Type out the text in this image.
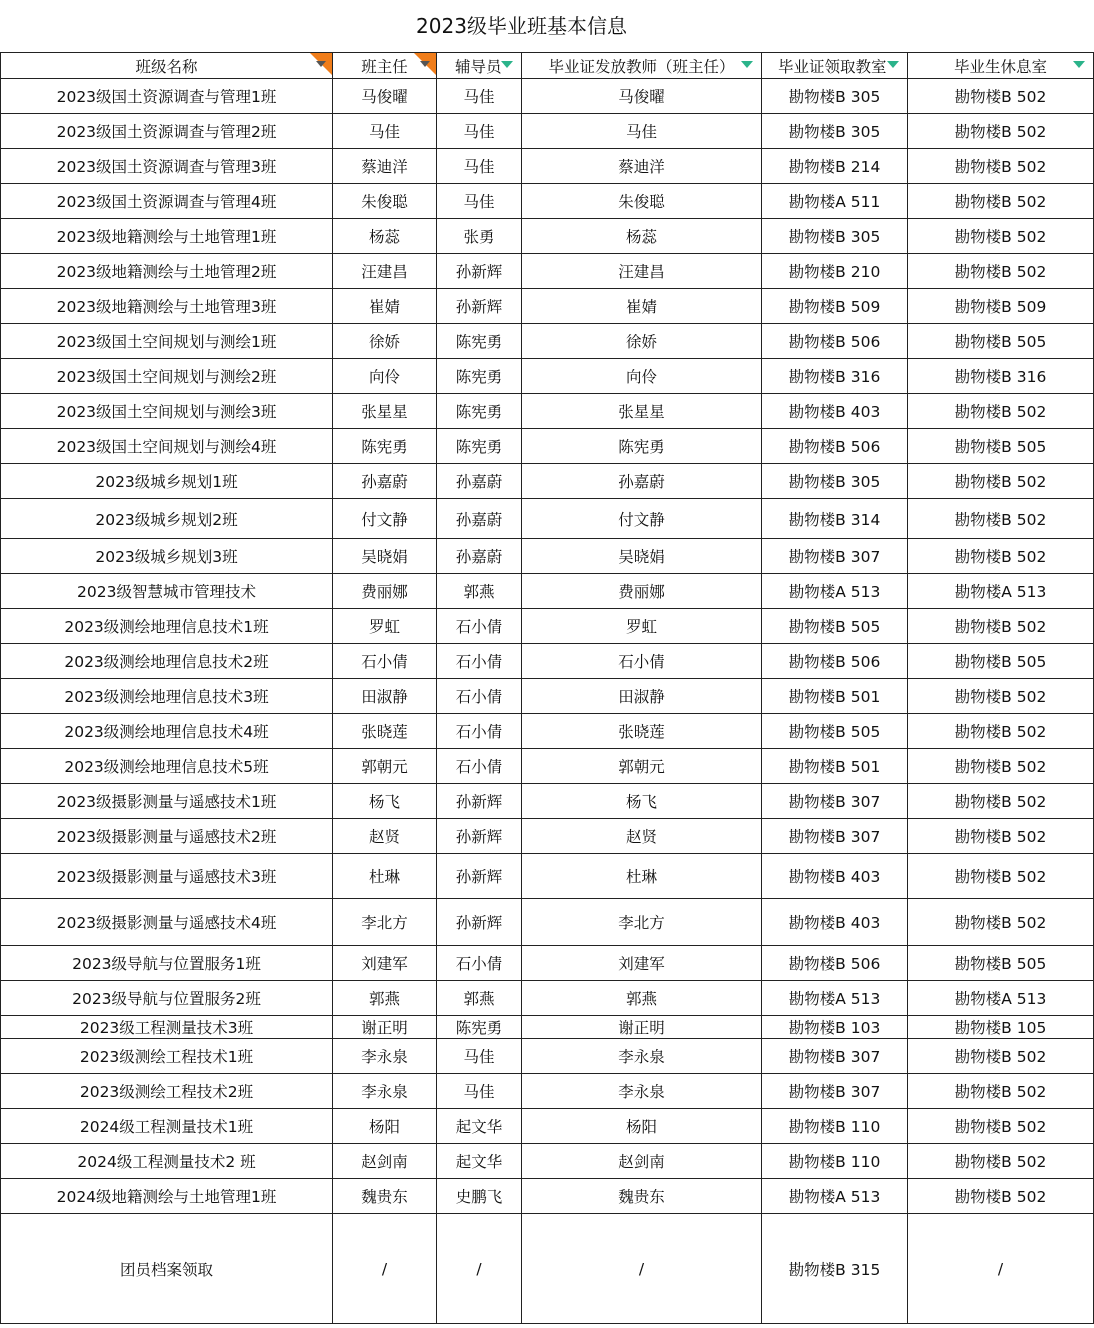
2023级毕业班基本信息
班级名称	班主任	辅导员	毕业证发放教师（班主任）	毕业证领取教室	毕业生休息室

2023级国土资源调查与管理1班	马俊曜	马佳	马俊曜	勘物楼B 305	勘物楼B 502
2023级国土资源调查与管理2班	马佳	马佳	马佳	勘物楼B 305	勘物楼B 502
2023级国土资源调查与管理3班	蔡迪洋	马佳	蔡迪洋	勘物楼B 214	勘物楼B 502
2023级国土资源调查与管理4班	朱俊聪	马佳	朱俊聪	勘物楼A 511	勘物楼B 502
2023级地籍测绘与土地管理1班	杨蕊	张勇	杨蕊	勘物楼B 305	勘物楼B 502
2023级地籍测绘与土地管理2班	汪建昌	孙新辉	汪建昌	勘物楼B 210	勘物楼B 502
2023级地籍测绘与土地管理3班	崔婧	孙新辉	崔婧	勘物楼B 509	勘物楼B 509
2023级国土空间规划与测绘1班	徐娇	陈宪勇	徐娇	勘物楼B 506	勘物楼B 505
2023级国土空间规划与测绘2班	向伶	陈宪勇	向伶	勘物楼B 316	勘物楼B 316
2023级国土空间规划与测绘3班	张星星	陈宪勇	张星星	勘物楼B 403	勘物楼B 502
2023级国土空间规划与测绘4班	陈宪勇	陈宪勇	陈宪勇	勘物楼B 506	勘物楼B 505
2023级城乡规划1班	孙嘉蔚	孙嘉蔚	孙嘉蔚	勘物楼B 305	勘物楼B 502
2023级城乡规划2班	付文静	孙嘉蔚	付文静	勘物楼B 314	勘物楼B 502
2023级城乡规划3班	吴晓娟	孙嘉蔚	吴晓娟	勘物楼B 307	勘物楼B 502
2023级智慧城市管理技术	费丽娜	郭燕	费丽娜	勘物楼A 513	勘物楼A 513
2023级测绘地理信息技术1班	罗虹	石小倩	罗虹	勘物楼B 505	勘物楼B 502
2023级测绘地理信息技术2班	石小倩	石小倩	石小倩	勘物楼B 506	勘物楼B 505
2023级测绘地理信息技术3班	田淑静	石小倩	田淑静	勘物楼B 501	勘物楼B 502
2023级测绘地理信息技术4班	张晓莲	石小倩	张晓莲	勘物楼B 505	勘物楼B 502
2023级测绘地理信息技术5班	郭朝元	石小倩	郭朝元	勘物楼B 501	勘物楼B 502
2023级摄影测量与遥感技术1班	杨飞	孙新辉	杨飞	勘物楼B 307	勘物楼B 502
2023级摄影测量与遥感技术2班	赵贤	孙新辉	赵贤	勘物楼B 307	勘物楼B 502
2023级摄影测量与遥感技术3班	杜琳	孙新辉	杜琳	勘物楼B 403	勘物楼B 502
2023级摄影测量与遥感技术4班	李北方	孙新辉	李北方	勘物楼B 403	勘物楼B 502
2023级导航与位置服务1班	刘建军	石小倩	刘建军	勘物楼B 506	勘物楼B 505
2023级导航与位置服务2班	郭燕	郭燕	郭燕	勘物楼A 513	勘物楼A 513
2023级工程测量技术3班	谢正明	陈宪勇	谢正明	勘物楼B 103	勘物楼B 105
2023级测绘工程技术1班	李永泉	马佳	李永泉	勘物楼B 307	勘物楼B 502
2023级测绘工程技术2班	李永泉	马佳	李永泉	勘物楼B 307	勘物楼B 502
2024级工程测量技术1班	杨阳	起文华	杨阳	勘物楼B 110	勘物楼B 502
2024级工程测量技术2 班	赵剑南	起文华	赵剑南	勘物楼B 110	勘物楼B 502
2024级地籍测绘与土地管理1班	魏贵东	史鹏飞	魏贵东	勘物楼A 513	勘物楼B 502
团员档案领取	/	/	/	勘物楼B 315	/
